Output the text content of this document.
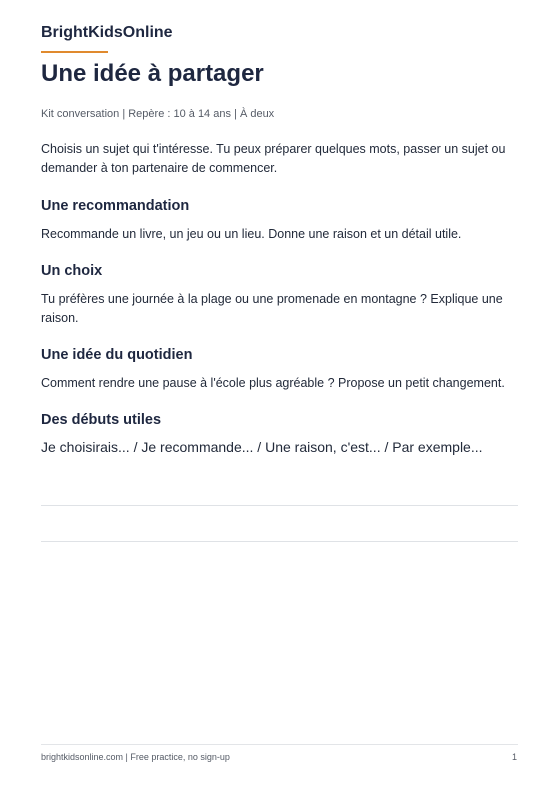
BrightKidsOnline
Une idée à partager
Kit conversation | Repère : 10 à 14 ans | À deux

Choisis un sujet qui t'intéresse. Tu peux préparer quelques mots, passer un sujet ou demander à ton partenaire de commencer.

Une recommandation

Recommande un livre, un jeu ou un lieu. Donne une raison et un détail utile.

Un choix

Tu préfères une journée à la plage ou une promenade en montagne ? Explique une raison.

Une idée du quotidien

Comment rendre une pause à l'école plus agréable ? Propose un petit changement.

Des débuts utiles
Je choisirais... / Je recommande... / Une raison, c'est... / Par exemple...
brightkidsonline.com | Free practice, no sign-up	1
